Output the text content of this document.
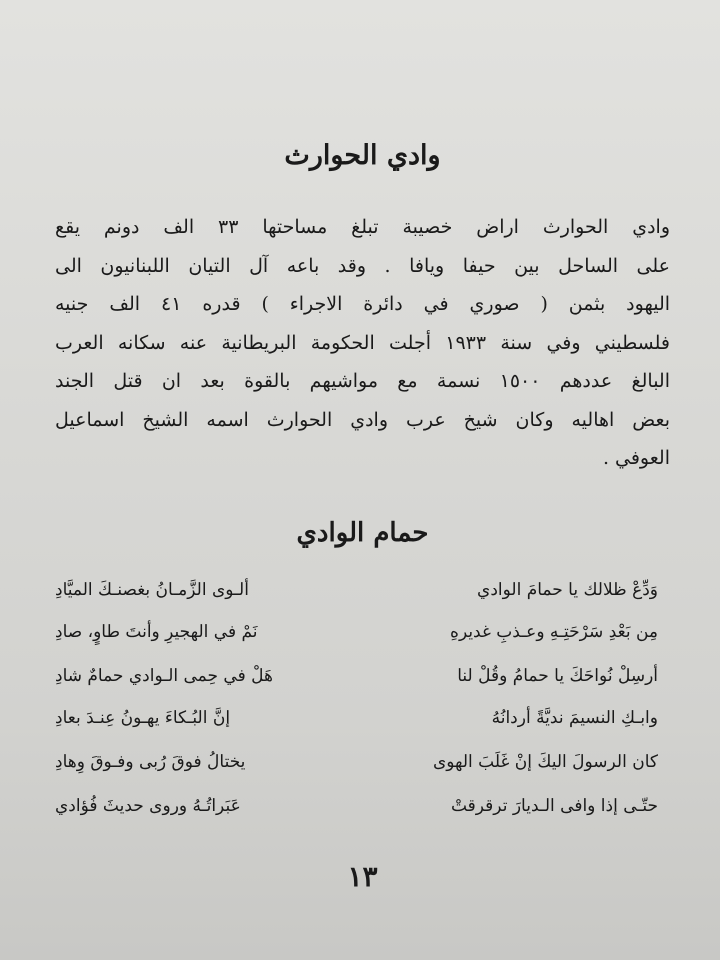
وادي الحوارث

وادي الحوارث اراض خصيبة تبلغ مساحتها ٣٣ الف دونم يقع
على الساحل بين حيفا ويافا . وقد باعه آل التيان اللبنانيون الى
اليهود بثمن ( صوري في دائرة الاجراء ) قدره ٤١ الف جنيه
فلسطيني وفي سنة ١٩٣٣ أجلت الحكومة البريطانية عنه سكانه العرب
البالغ عددهم ١٥٠٠ نسمة مع مواشيهم بالقوة بعد ان قتل الجند
بعض اهاليه وكان شيخ عرب وادي الحوارث اسمه الشيخ اسماعيل
العوفي .

حمام الوادي
وَدِّعْ ظلالك يا حمامَ الوادي
ألـوى الزَّمـانُ بغصنـكَ الميَّادِ
مِن بَعْدِ سَرْحَتِـهِ وعـذبِ غديرهِ
نَمْ في الهجيرِ وأنتَ طاوٍ، صادِ
أرسِلْ نُواحَكَ يا حمامُ وقُلْ لنا
هَلْ في حِمى الـوادي حمامٌ شادِ
وابـكِ النسيمَ نديَّةً أردانُهُ
إنَّ البُـكاءَ يهـونُ عِنـدَ بعادِ
كان الرسولَ اليكَ إنْ غَلَبَ الهوى
يختالُ فوقَ رُبى وفـوقَ وِهادِ
حتّـى إذا وافى الـديارَ ترقرقتْ
عَبَراتُـهُ وروى حديثَ فُؤادي
١٣
